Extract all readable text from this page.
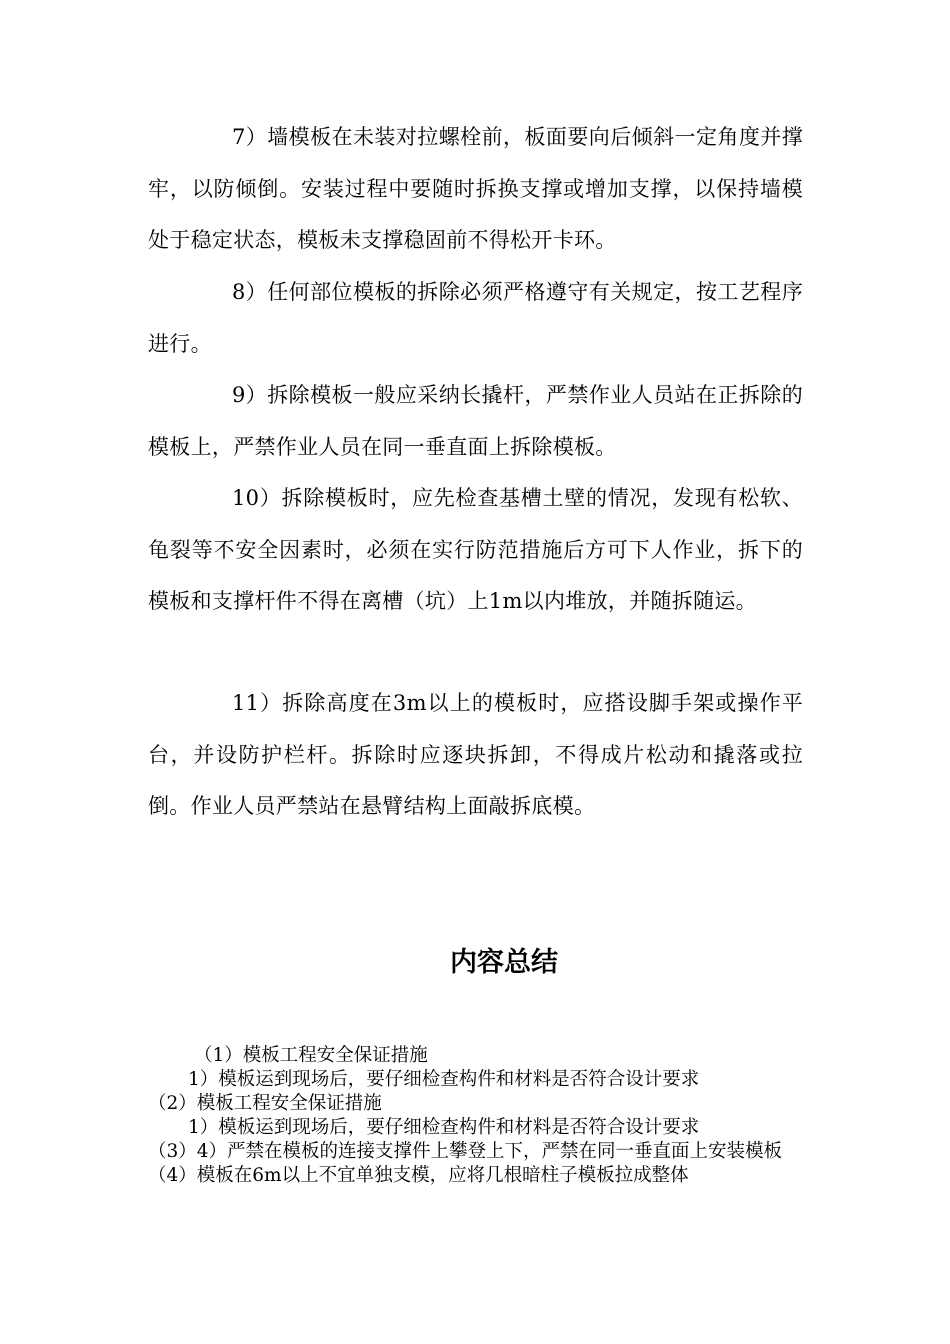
7）墙模板在未装对拉螺栓前，板面要向后倾斜一定角度并撑牢，以防倾倒。安装过程中要随时拆换支撑或增加支撑，以保持墙模处于稳定状态，模板未支撑稳固前不得松开卡环。

8）任何部位模板的拆除必须严格遵守有关规定，按工艺程序进行。

9）拆除模板一般应采纳长撬杆，严禁作业人员站在正拆除的模板上，严禁作业人员在同一垂直面上拆除模板。

10）拆除模板时，应先检查基槽土壁的情况，发现有松软、龟裂等不安全因素时，必须在实行防范措施后方可下人作业，拆下的模板和支撑杆件不得在离槽（坑）上1m以内堆放，并随拆随运。

11）拆除高度在3m以上的模板时，应搭设脚手架或操作平台，并设防护栏杆。拆除时应逐块拆卸，不得成片松动和撬落或拉倒。作业人员严禁站在悬臂结构上面敲拆底模。

内容总结
（1）模板工程安全保证措施
1）模板运到现场后，要仔细检查构件和材料是否符合设计要求
（2）模板工程安全保证措施
1）模板运到现场后，要仔细检查构件和材料是否符合设计要求
（3）4）严禁在模板的连接支撑件上攀登上下，严禁在同一垂直面上安装模板
（4）模板在6m以上不宜单独支模，应将几根暗柱子模板拉成整体
